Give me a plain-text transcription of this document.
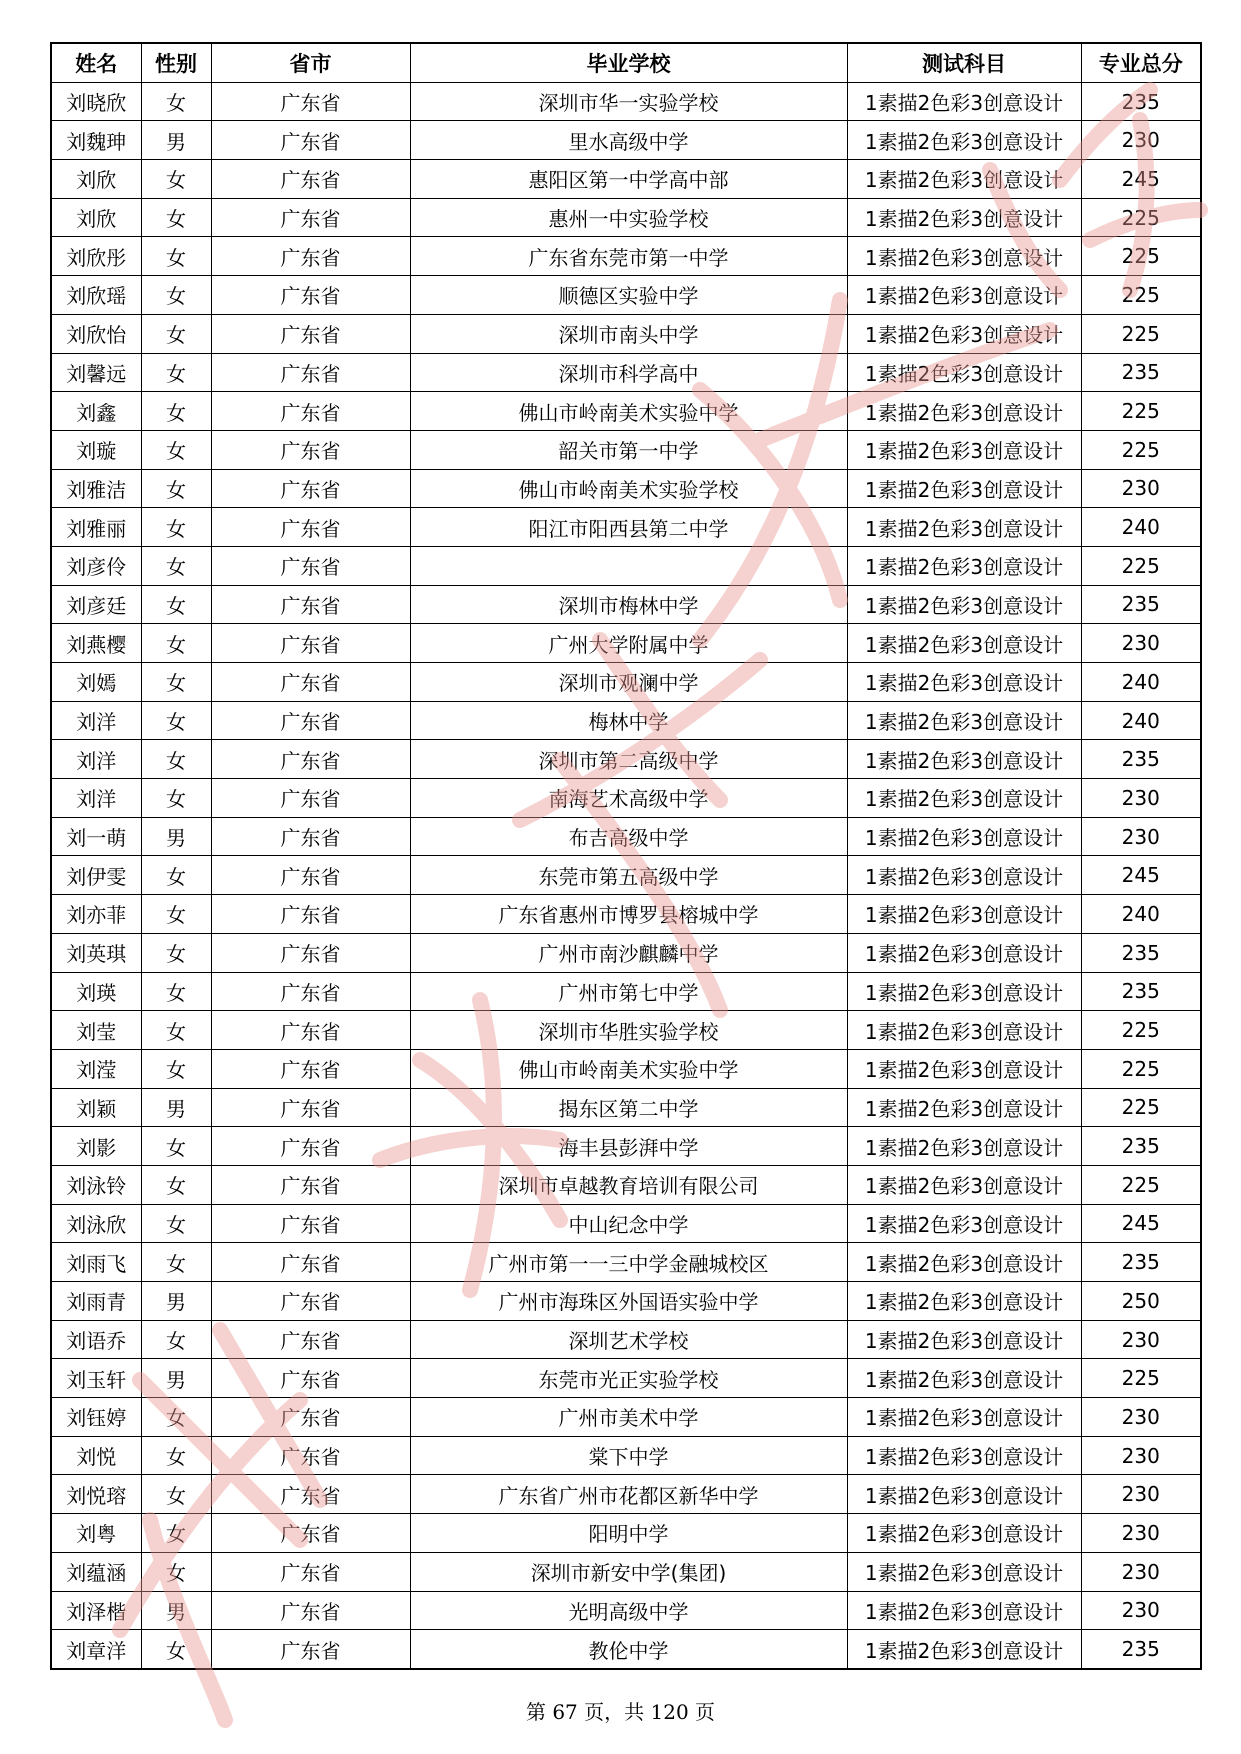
姓名	性别	省市	毕业学校	测试科目	专业总分
刘晓欣	女	广东省	深圳市华一实验学校	1素描2色彩3创意设计	235
刘魏珅	男	广东省	里水高级中学	1素描2色彩3创意设计	230
刘欣	女	广东省	惠阳区第一中学高中部	1素描2色彩3创意设计	245
刘欣	女	广东省	惠州一中实验学校	1素描2色彩3创意设计	225
刘欣彤	女	广东省	广东省东莞市第一中学	1素描2色彩3创意设计	225
刘欣瑶	女	广东省	顺德区实验中学	1素描2色彩3创意设计	225
刘欣怡	女	广东省	深圳市南头中学	1素描2色彩3创意设计	225
刘馨远	女	广东省	深圳市科学高中	1素描2色彩3创意设计	235
刘鑫	女	广东省	佛山市岭南美术实验中学	1素描2色彩3创意设计	225
刘璇	女	广东省	韶关市第一中学	1素描2色彩3创意设计	225
刘雅洁	女	广东省	佛山市岭南美术实验学校	1素描2色彩3创意设计	230
刘雅丽	女	广东省	阳江市阳西县第二中学	1素描2色彩3创意设计	240
刘彦伶	女	广东省		1素描2色彩3创意设计	225
刘彦廷	女	广东省	深圳市梅林中学	1素描2色彩3创意设计	235
刘燕樱	女	广东省	广州大学附属中学	1素描2色彩3创意设计	230
刘嫣	女	广东省	深圳市观澜中学	1素描2色彩3创意设计	240
刘洋	女	广东省	梅林中学	1素描2色彩3创意设计	240
刘洋	女	广东省	深圳市第二高级中学	1素描2色彩3创意设计	235
刘洋	女	广东省	南海艺术高级中学	1素描2色彩3创意设计	230
刘一萌	男	广东省	布吉高级中学	1素描2色彩3创意设计	230
刘伊雯	女	广东省	东莞市第五高级中学	1素描2色彩3创意设计	245
刘亦菲	女	广东省	广东省惠州市博罗县榕城中学	1素描2色彩3创意设计	240
刘英琪	女	广东省	广州市南沙麒麟中学	1素描2色彩3创意设计	235
刘瑛	女	广东省	广州市第七中学	1素描2色彩3创意设计	235
刘莹	女	广东省	深圳市华胜实验学校	1素描2色彩3创意设计	225
刘滢	女	广东省	佛山市岭南美术实验中学	1素描2色彩3创意设计	225
刘颖	男	广东省	揭东区第二中学	1素描2色彩3创意设计	225
刘影	女	广东省	海丰县彭湃中学	1素描2色彩3创意设计	235
刘泳铃	女	广东省	深圳市卓越教育培训有限公司	1素描2色彩3创意设计	225
刘泳欣	女	广东省	中山纪念中学	1素描2色彩3创意设计	245
刘雨飞	女	广东省	广州市第一一三中学金融城校区	1素描2色彩3创意设计	235
刘雨青	男	广东省	广州市海珠区外国语实验中学	1素描2色彩3创意设计	250
刘语乔	女	广东省	深圳艺术学校	1素描2色彩3创意设计	230
刘玉轩	男	广东省	东莞市光正实验学校	1素描2色彩3创意设计	225
刘钰婷	女	广东省	广州市美术中学	1素描2色彩3创意设计	230
刘悦	女	广东省	棠下中学	1素描2色彩3创意设计	230
刘悦瑢	女	广东省	广东省广州市花都区新华中学	1素描2色彩3创意设计	230
刘粤	女	广东省	阳明中学	1素描2色彩3创意设计	230
刘蕴涵	女	广东省	深圳市新安中学(集团)	1素描2色彩3创意设计	230
刘泽楷	男	广东省	光明高级中学	1素描2色彩3创意设计	230
刘章洋	女	广东省	教伦中学	1素描2色彩3创意设计	235
第 67 页，共 120 页
